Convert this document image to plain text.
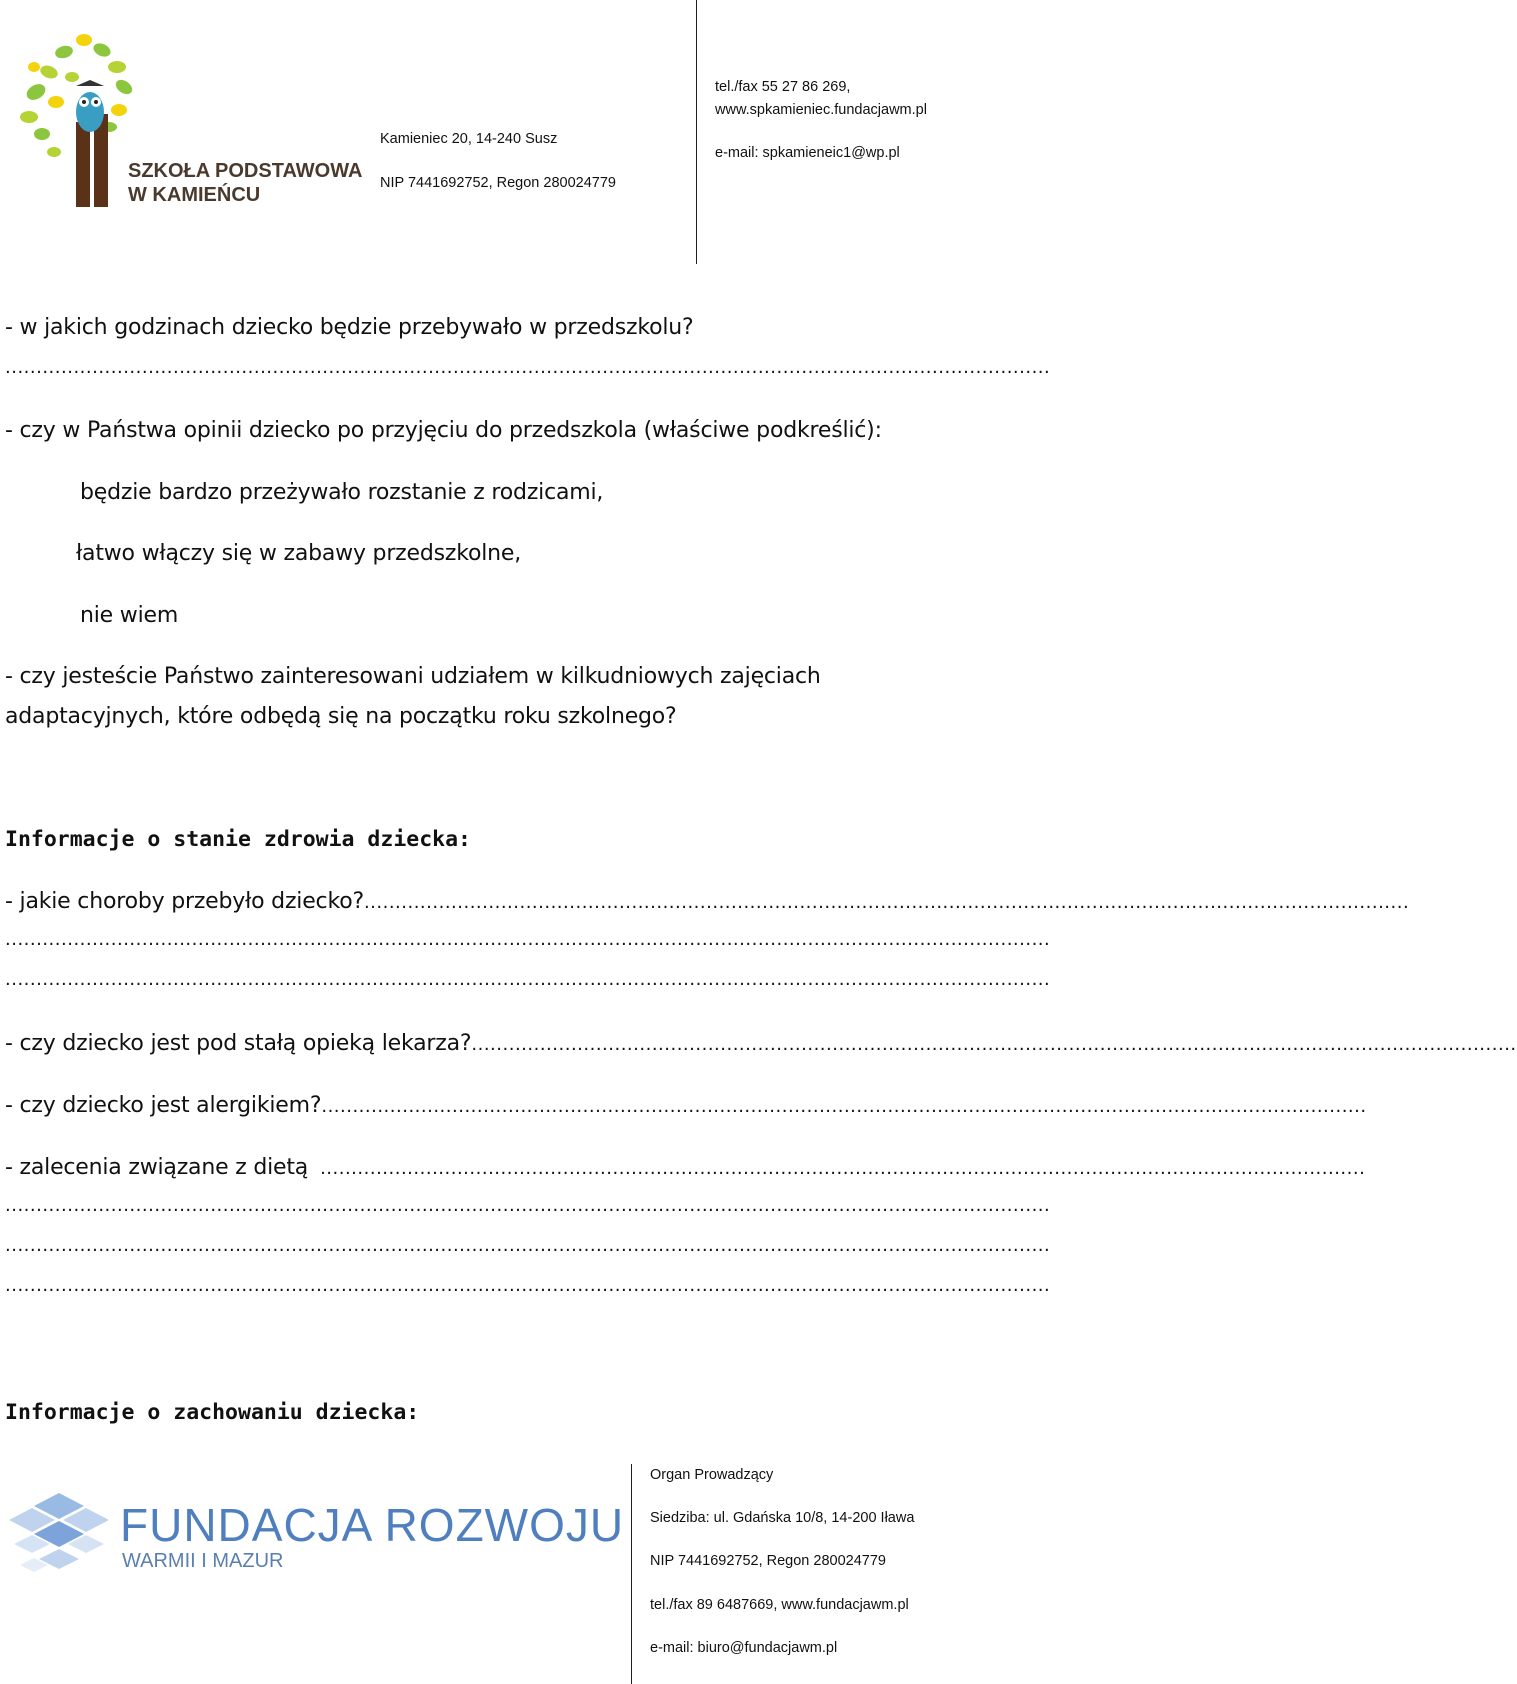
SZKOŁA PODSTAWOWA
W KAMIEŃCU
Kamieniec 20, 14-240 Susz
NIP 7441692752, Regon 280024779
tel./fax 55 27 86 269,
www.spkamieniec.fundacjawm.pl
e-mail: spkamieneic1@wp.pl
- w jakich godzinach dziecko będzie przebywało w przedszkolu?
........................................................................................................................................................................
- czy w Państwa opinii dziecko po przyjęciu do przedszkola (właściwe podkreślić):
będzie bardzo przeżywało rozstanie z rodzicami,
łatwo włączy się w zabawy przedszkolne,
nie wiem
- czy jesteście Państwo zainteresowani udziałem w kilkudniowych zajęciach
adaptacyjnych, które odbędą się na początku roku szkolnego?
Informacje o stanie zdrowia dziecka:
- jakie choroby przebyło dziecko? ........................................................................................................................................................................
........................................................................................................................................................................
........................................................................................................................................................................
- czy dziecko jest pod stałą opieką lekarza? ........................................................................................................................................................................
- czy dziecko jest alergikiem? ........................................................................................................................................................................
- zalecenia związane z dietą ........................................................................................................................................................................
........................................................................................................................................................................
........................................................................................................................................................................
........................................................................................................................................................................
Informacje o zachowaniu dziecka:
FUNDACJA ROZWOJU
WARMII I MAZUR
Organ Prowadzący
Siedziba: ul. Gdańska 10/8, 14-200 Iława
NIP 7441692752, Regon 280024779
tel./fax 89 6487669, www.fundacjawm.pl
e-mail: biuro@fundacjawm.pl
